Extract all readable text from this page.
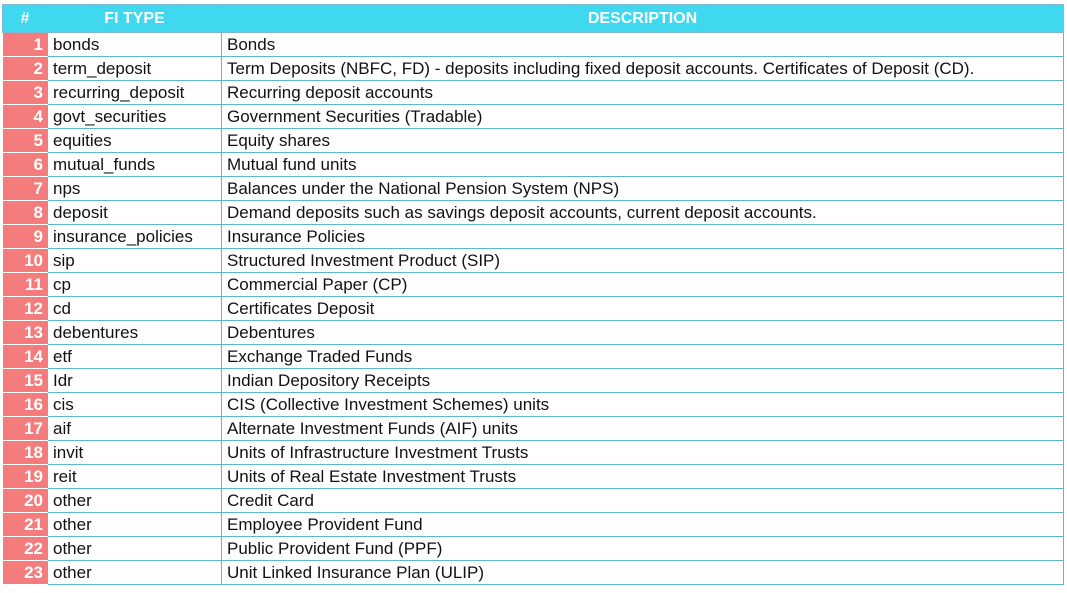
#	FI TYPE	DESCRIPTION
1	bonds	Bonds
2	term_deposit	Term Deposits (NBFC, FD) - deposits including fixed deposit accounts. Certificates of Deposit (CD).
3	recurring_deposit	Recurring deposit accounts
4	govt_securities	Government Securities (Tradable)
5	equities	Equity shares
6	mutual_funds	Mutual fund units
7	nps	Balances under the National Pension System (NPS)
8	deposit	Demand deposits such as savings deposit accounts, current deposit accounts.
9	insurance_policies	Insurance Policies
10	sip	Structured Investment Product (SIP)
11	cp	Commercial Paper (CP)
12	cd	Certificates Deposit
13	debentures	Debentures
14	etf	Exchange Traded Funds
15	Idr	Indian Depository Receipts
16	cis	CIS (Collective Investment Schemes) units
17	aif	Alternate Investment Funds (AIF) units
18	invit	Units of Infrastructure Investment Trusts
19	reit	Units of Real Estate Investment Trusts
20	other	Credit Card
21	other	Employee Provident Fund
22	other	Public Provident Fund (PPF)
23	other	Unit Linked Insurance Plan (ULIP)
